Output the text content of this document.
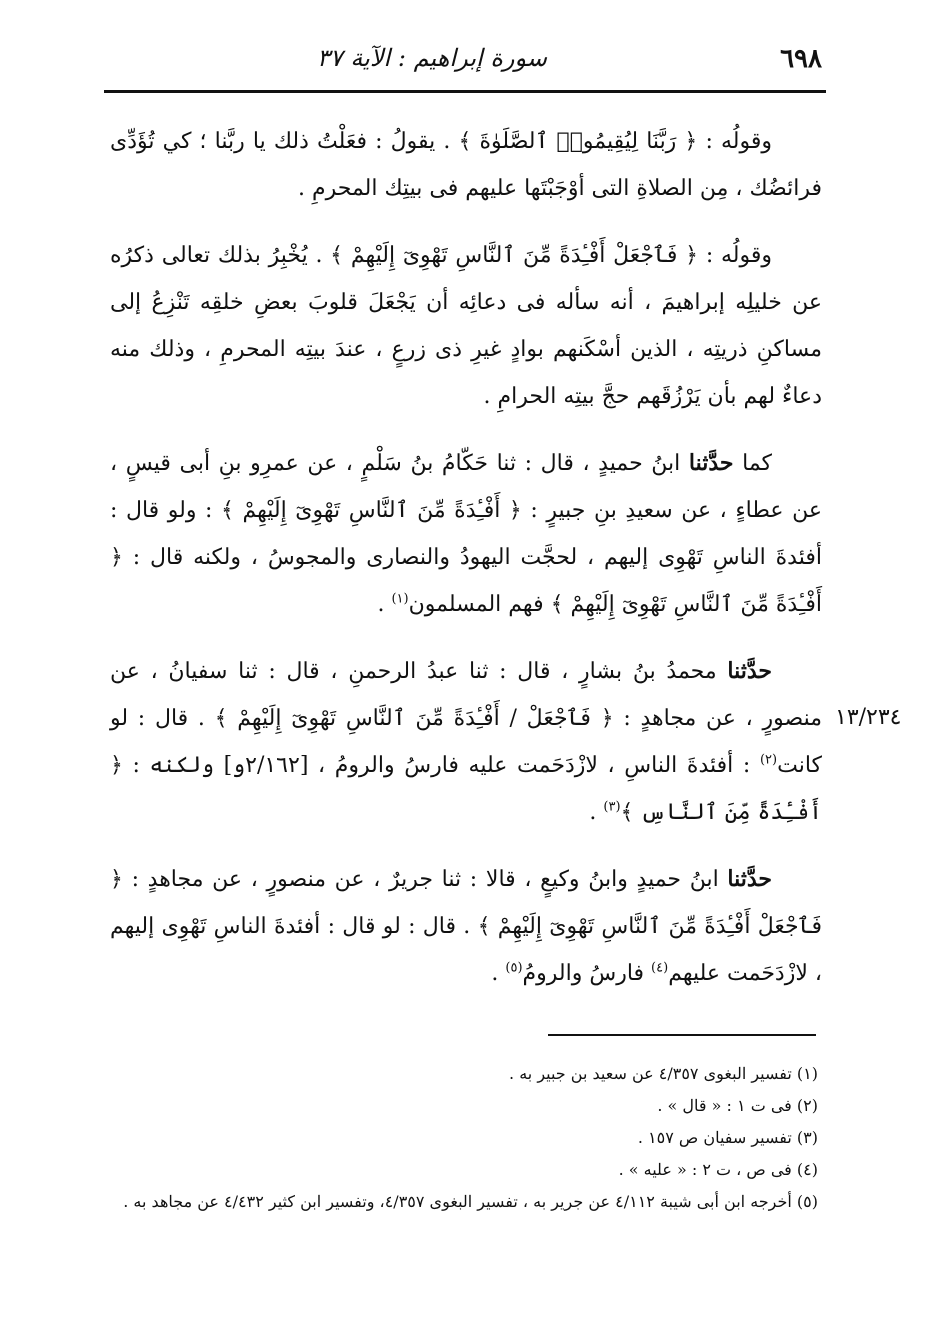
٦٩٨
سورة إبراهيم : الآية ٣٧

وقولُه : ﴿ رَبَّنَا لِيُقِيمُوا۟ ٱلصَّلَوٰةَ ﴾ . يقولُ : فعَلْتُ ذلك يا ربَّنا ؛ كي تُؤَدِّى فرائضُك ، مِن الصلاةِ التى أوْجَبْتَها عليهم فى بيتِك المحرمِ .

وقولُه : ﴿ فَٱجْعَلْ أَفْـِٔدَةً مِّنَ ٱلنَّاسِ تَهْوِىٓ إِلَيْهِمْ ﴾ . يُخْبِرُ بذلك تعالى ذكرُه عن خليلِه إبراهيمَ ، أنه سأله فى دعائِه أن يَجْعَلَ قلوبَ بعضِ خلقِه تَنْزِعُ إلى مساكنِ ذريتِه ، الذين أسْكَنهم بوادٍ غيرِ ذى زرعٍ ، عندَ بيتِه المحرمِ ، وذلك منه دعاءٌ لهم بأن يَرْزُقَهم حجَّ بيتِه الحرامِ .

كما حدَّثنا ابنُ حميدٍ ، قال : ثنا حَكّامُ بنُ سَلْمٍ ، عن عمرِو بنِ أبى قيسٍ ، عن عطاءٍ ، عن سعيدِ بنِ جبيرٍ : ﴿ أَفْـِٔدَةً مِّنَ ٱلنَّاسِ تَهْوِىٓ إِلَيْهِمْ ﴾ : ولو قال : أفئدةَ الناسِ تَهْوِى إليهم ، لحجَّت اليهودُ والنصارى والمجوسُ ، ولكنه قال : ﴿ أَفْـِٔدَةً مِّنَ ٱلنَّاسِ تَهْوِىٓ إِلَيْهِمْ ﴾ فهم المسلمون$^{(١)}$ .

حدَّثنا محمدُ بنُ بشارٍ ، قال : ثنا عبدُ الرحمنِ ، قال : ثنا سفيانُ ، عن منصورٍ ، عن مجاهدٍ : ﴿ فَٱجْعَلْ / أَفْـِٔدَةً مِّنَ ٱلنَّاسِ تَهْوِىٓ إِلَيْهِمْ ﴾ . قال : لو كانت$^{(٢)}$ : أفئدةَ الناسِ ، لازْدَحَمت عليه فارسُ والرومُ ، [٢/١٦٢و] ولكنه : ﴿ أَفْـِٔدَةً مِّنَ ٱلنَّاسِ ﴾$^{(٣)}$ .

حدَّثنا ابنُ حميدٍ وابنُ وكيعٍ ، قالا : ثنا جريرٌ ، عن منصورٍ ، عن مجاهدٍ : ﴿ فَٱجْعَلْ أَفْـِٔدَةً مِّنَ ٱلنَّاسِ تَهْوِىٓ إِلَيْهِمْ ﴾ . قال : لو قال : أفئدةَ الناسِ تَهْوِى إليهم ، لازْدَحَمت عليهم$^{(٤)}$ فارسُ والرومُ$^{(٥)}$ .

١٣/٢٣٤

(١) تفسير البغوى ٤/٣٥٧ عن سعيد بن جبير به .

(٢) فى ت ١ : « قال » .

(٣) تفسير سفيان ص ١٥٧ .

(٤) فى ص ، ت ٢ : « عليه » .

(٥) أخرجه ابن أبى شيبة ٤/١١٢ عن جرير به ، تفسير البغوى ٤/٣٥٧، وتفسير ابن كثير ٤/٤٣٢ عن مجاهد به .
